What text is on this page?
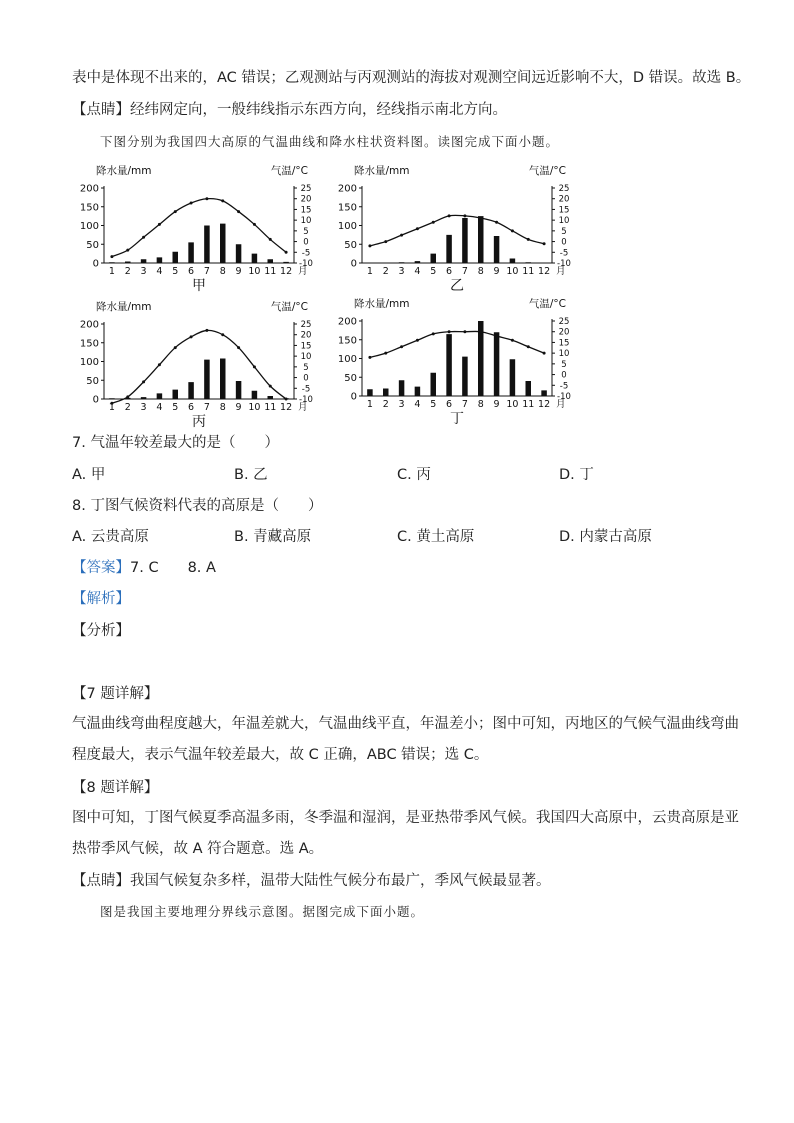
表中是体现不出来的，AC 错误；乙观测站与丙观测站的海拔对观测空间远近影响不大，D 错误。故选 B。
【点睛】经纬网定向，一般纬线指示东西方向，经线指示南北方向。
下图分别为我国四大高原的气温曲线和降水柱状资料图。读图完成下面小题。
降水量/mm	气温/°C
0
50
100
150
200
-10
-5
0
5
10
15
20
25
1 2 3 4 5 6 7 8 9 10 11 12 月
甲
降水量/mm	气温/°C
0
50
100
150
200
-10
-5
0
5
10
15
20
25
1 2 3 4 5 6 7 8 9 10 11 12 月
乙
降水量/mm	气温/°C
0
50
100
150
200
-10
-5
0
5
10
15
20
25
1 2 3 4 5 6 7 8 9 10 11 12 月
丙
降水量/mm	气温/°C
0
50
100
150
200
-10
-5
0
5
10
15
20
25
1 2 3 4 5 6 7 8 9 10 11 12 月
丁
7. 气温年较差最大的是（　　）
A. 甲	B. 乙	C. 丙	D. 丁
8. 丁图气候资料代表的高原是（　　）
A. 云贵高原	B. 青藏高原	C. 黄土高原	D. 内蒙古高原
【答案】7. C　　8. A
【解析】
【分析】
【7 题详解】
气温曲线弯曲程度越大，年温差就大，气温曲线平直，年温差小；图中可知，丙地区的气候气温曲线弯曲
程度最大，表示气温年较差最大，故 C 正确，ABC 错误；选 C。
【8 题详解】
图中可知，丁图气候夏季高温多雨，冬季温和湿润，是亚热带季风气候。我国四大高原中，云贵高原是亚
热带季风气候，故 A 符合题意。选 A。
【点睛】我国气候复杂多样，温带大陆性气候分布最广，季风气候最显著。
图是我国主要地理分界线示意图。据图完成下面小题。
